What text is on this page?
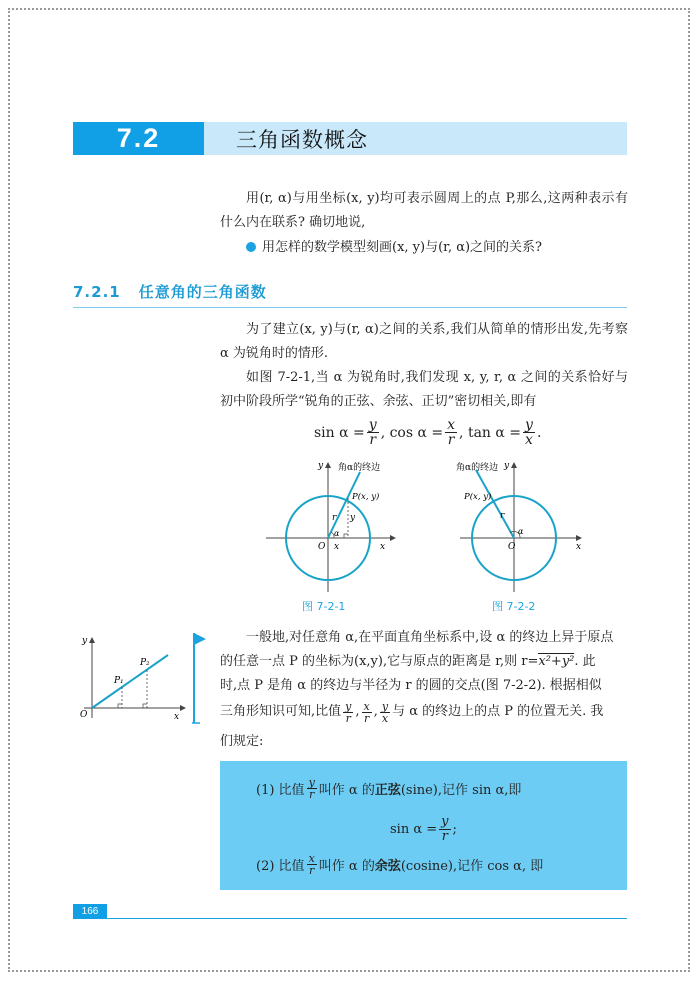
7.2	三角函数概念
用(r, α)与用坐标(x, y)均可表示圆周上的点 P,那么,这两种表示有什么内在联系? 确切地说,
用怎样的数学模型刻画(x, y)与(r, α)之间的关系?
7.2.1 任意角的三角函数
为了建立(x, y)与(r, α)之间的关系,我们从简单的情形出发,先考察 α 为锐角时的情形.
如图 7-2-1,当 α 为锐角时,我们发现 x, y, r, α 之间的关系恰好与初中阶段所学“锐角的正弦、余弦、正切”密切相关,即有
$\sin \alpha = \frac{y}{r}$ , $\cos \alpha = \frac{x}{r}$ , $\tan \alpha = \frac{y}{x}$ .
y 角α的终边
P(x, y)
r y
α
O x	x
图 7-2-1
角α的终边 y
P(x, y)
r
α
O	x
图 7-2-2
y
P₁
P₂
O	x
一般地,对任意角 α,在平面直角坐标系中,设 α 的终边上异于原点
的任意一点 P 的坐标为(x,y),它与原点的距离是 r,则 r=x²+y². 此
时,点 P 是角 α 的终边与半径为 r 的圆的交点(图 7-2-2). 根据相似
三角形知识可知,比值 $\frac{y}{r}$ , $\frac{x}{r}$ , $\frac{y}{x}$ 与 α 的终边上的点 P 的位置无关. 我
们规定:
(1) 比值 $\frac{y}{r}$ 叫作 α 的 正弦 (sine),记作 sin α,即
$\sin \alpha = \frac{y}{r}$ ;
(2) 比值 $\frac{x}{r}$ 叫作 α 的 余弦 (cosine),记作 cos α, 即
166
